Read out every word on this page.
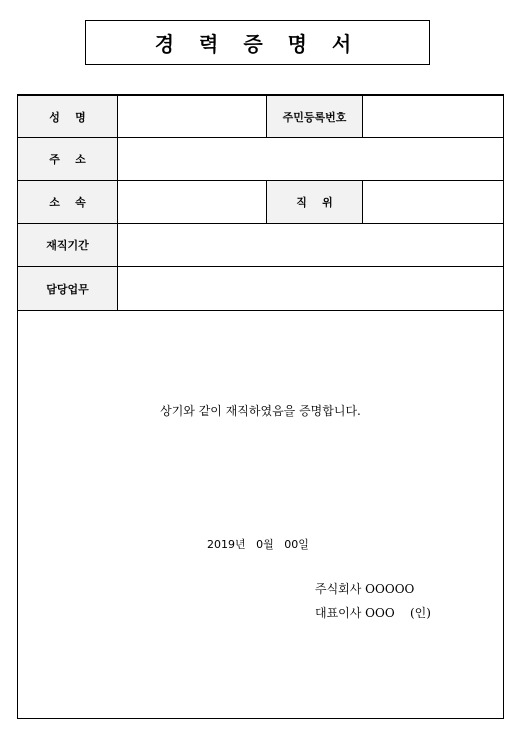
경 력 증 명 서
성    명	주민등록번호
주    소
소    속	직    위
재직기간
담당업무
상기와 같이 재직하였음을 증명합니다.
2019년   0월   00일
주식회사 OOOOO
대표이사 OOO    (인)
